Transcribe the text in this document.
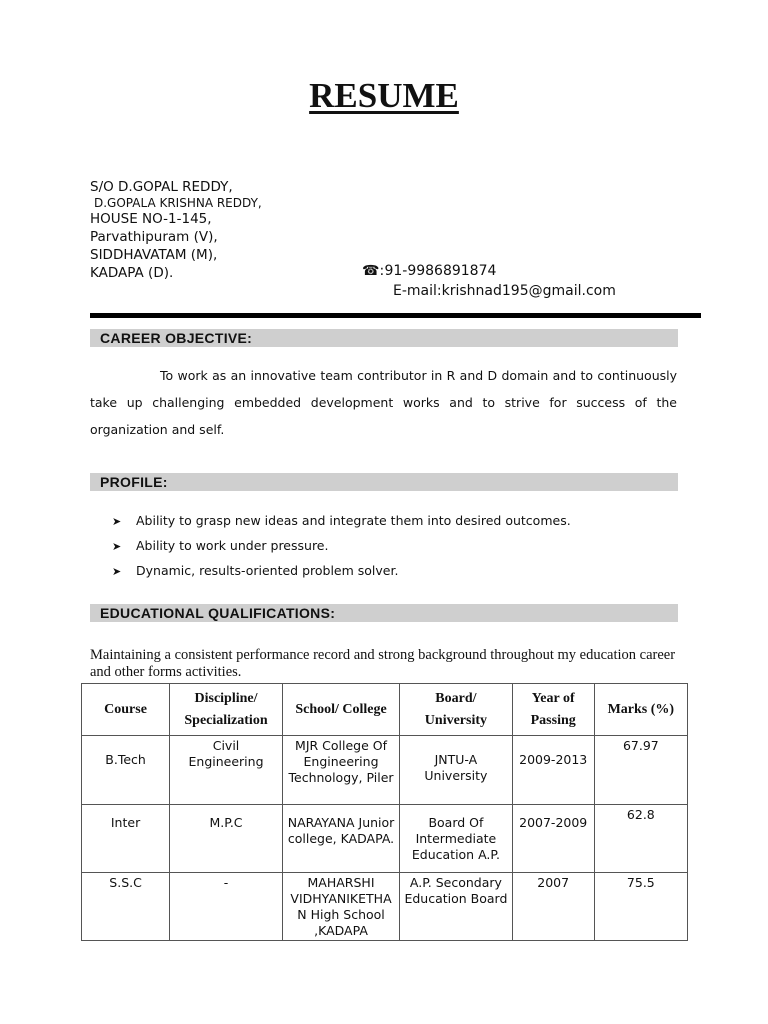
RESUME
S/O D.GOPAL REDDY,
D.GOPALA KRISHNA REDDY,
HOUSE NO-1-145,
Parvathipuram (V),
SIDDHAVATAM (M),
KADAPA (D).	☎: 91-9986891874
E-mail:krishnad195@gmail.com
CAREER OBJECTIVE:
To work as an innovative team contributor in R and D domain and to continuously take up challenging embedded development works and to strive for success of the organization and self.
PROFILE:
➤ Ability to grasp new ideas and integrate them into desired outcomes.
➤ Ability to work under pressure.
➤ Dynamic, results-oriented problem solver.
EDUCATIONAL QUALIFICATIONS:
Maintaining a consistent performance record and strong background throughout my education career and other forms activities.
Course	Discipline/ Specialization	School/ College	Board/ University	Year of Passing	Marks (%)
B.Tech	Civil Engineering	MJR College Of Engineering Technology, Piler	JNTU-A University	2009-2013	67.97
Inter	M.P.C	NARAYANA Junior college, KADAPA.	Board Of Intermediate Education A.P.	2007-2009	62.8
S.S.C	-	MAHARSHI VIDHYANIKETHA N High School ,KADAPA	A.P. Secondary Education Board	2007	75.5
